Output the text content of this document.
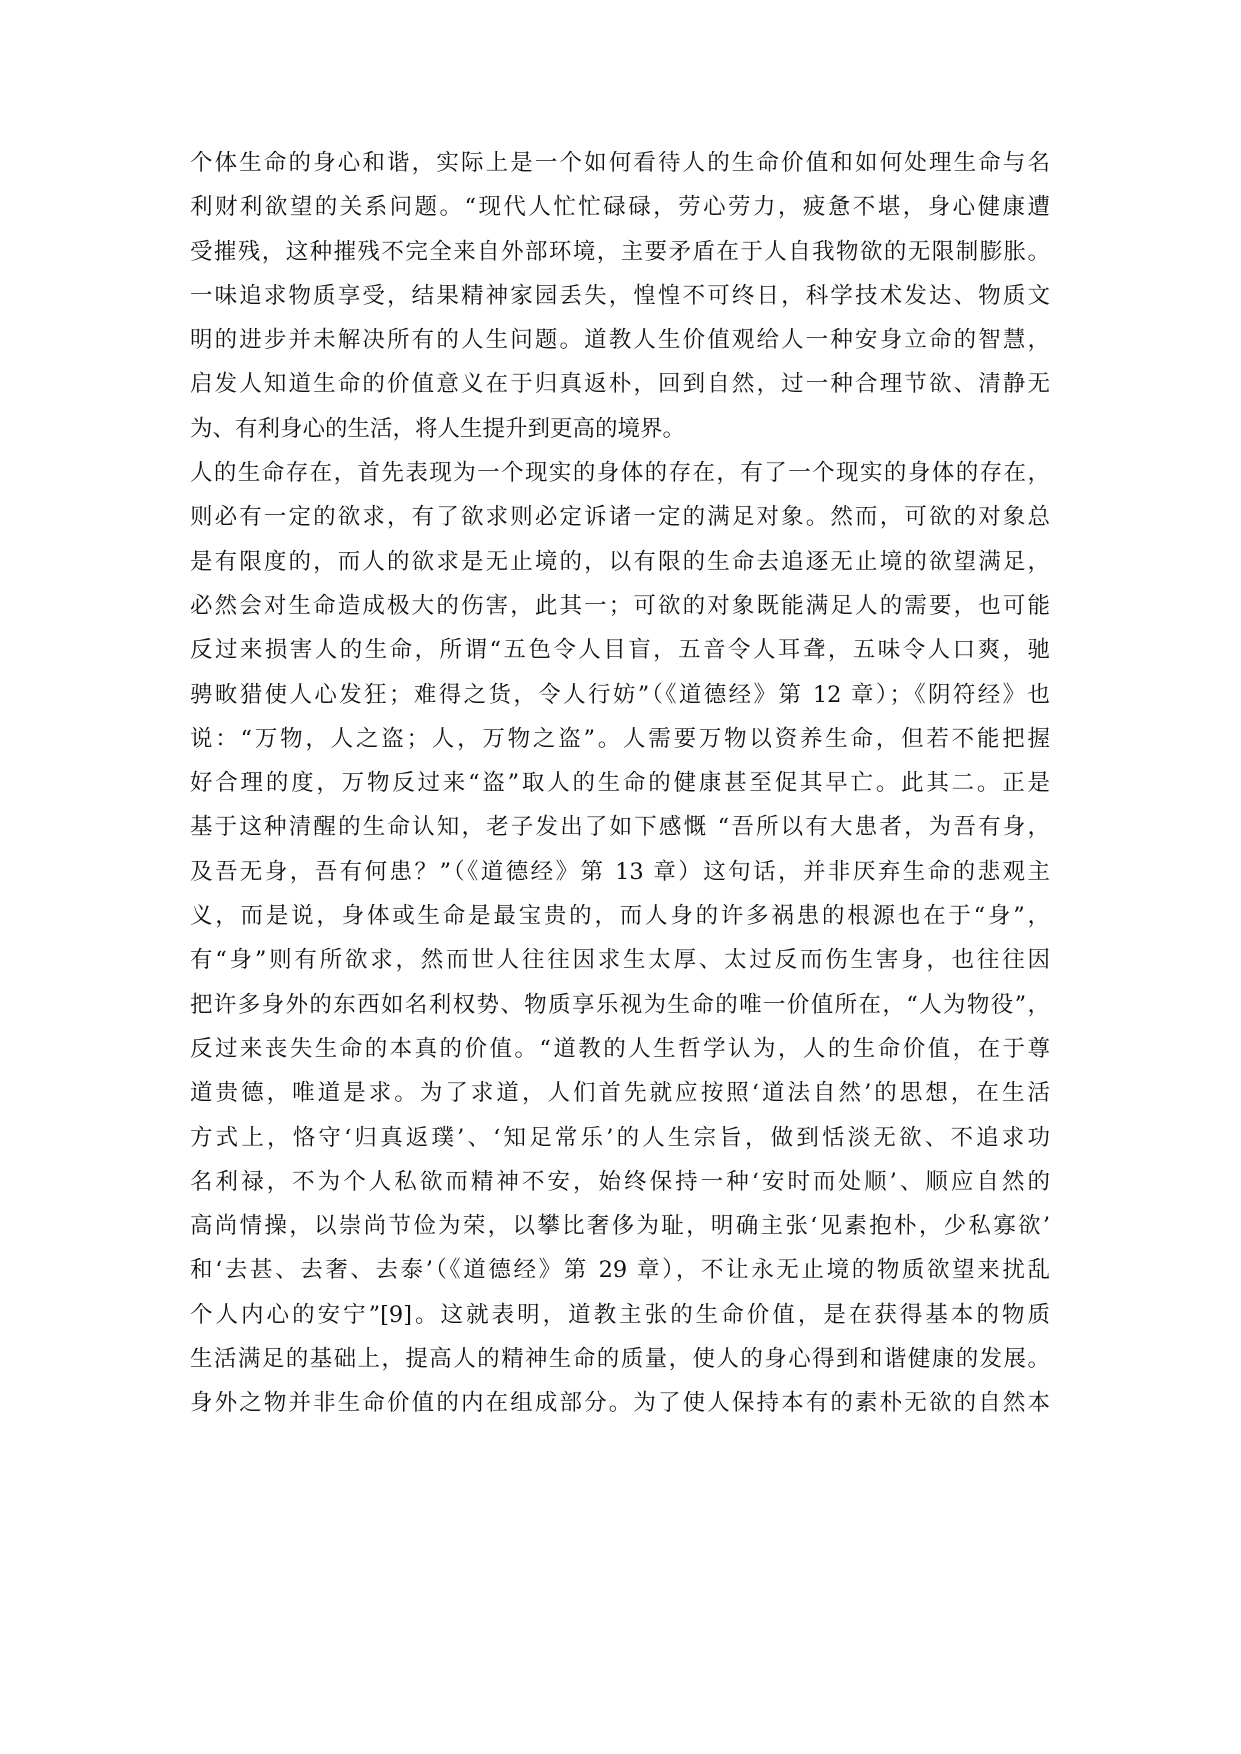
个体生命的身心和谐，实际上是一个如何看待人的生命价值和如何处理生命与名
利财利欲望的关系问题。“现代人忙忙碌碌，劳心劳力，疲惫不堪，身心健康遭
受摧残，这种摧残不完全来自外部环境，主要矛盾在于人自我物欲的无限制膨胀。
一味追求物质享受，结果精神家园丢失，惶惶不可终日，科学技术发达、物质文
明的进步并未解决所有的人生问题。道教人生价值观给人一种安身立命的智慧，
启发人知道生命的价值意义在于归真返朴，回到自然，过一种合理节欲、清静无
为、有利身心的生活，将人生提升到更高的境界。
人的生命存在，首先表现为一个现实的身体的存在，有了一个现实的身体的存在，
则必有一定的欲求，有了欲求则必定诉诸一定的满足对象。然而，可欲的对象总
是有限度的，而人的欲求是无止境的，以有限的生命去追逐无止境的欲望满足，
必然会对生命造成极大的伤害，此其一；可欲的对象既能满足人的需要，也可能
反过来损害人的生命，所谓“五色令人目盲，五音令人耳聋，五味令人口爽，驰
骋畋猎使人心发狂；难得之货，令人行妨”（《道德经》第 12 章）；《阴符经》也
说：“万物，人之盗；人，万物之盗”。人需要万物以资养生命，但若不能把握
好合理的度，万物反过来“盗”取人的生命的健康甚至促其早亡。此其二。正是
基于这种清醒的生命认知，老子发出了如下感慨 “吾所以有大患者，为吾有身，
及吾无身，吾有何患？”（《道德经》第 13 章）这句话，并非厌弃生命的悲观主
义，而是说，身体或生命是最宝贵的，而人身的许多祸患的根源也在于“身”，
有“身”则有所欲求，然而世人往往因求生太厚、太过反而伤生害身，也往往因
把许多身外的东西如名利权势、物质享乐视为生命的唯一价值所在，“人为物役”，
反过来丧失生命的本真的价值。“道教的人生哲学认为，人的生命价值，在于尊
道贵德，唯道是求。为了求道，人们首先就应按照‘道法自然’的思想，在生活
方式上，恪守‘归真返璞’、‘知足常乐’的人生宗旨，做到恬淡无欲、不追求功
名利禄，不为个人私欲而精神不安，始终保持一种‘安时而处顺’、顺应自然的
高尚情操，以崇尚节俭为荣，以攀比奢侈为耻，明确主张‘见素抱朴，少私寡欲’
和‘去甚、去奢、去泰’（《道德经》第 29 章），不让永无止境的物质欲望来扰乱
个人内心的安宁”[9]。这就表明，道教主张的生命价值，是在获得基本的物质
生活满足的基础上，提高人的精神生命的质量，使人的身心得到和谐健康的发展。
身外之物并非生命价值的内在组成部分。为了使人保持本有的素朴无欲的自然本
